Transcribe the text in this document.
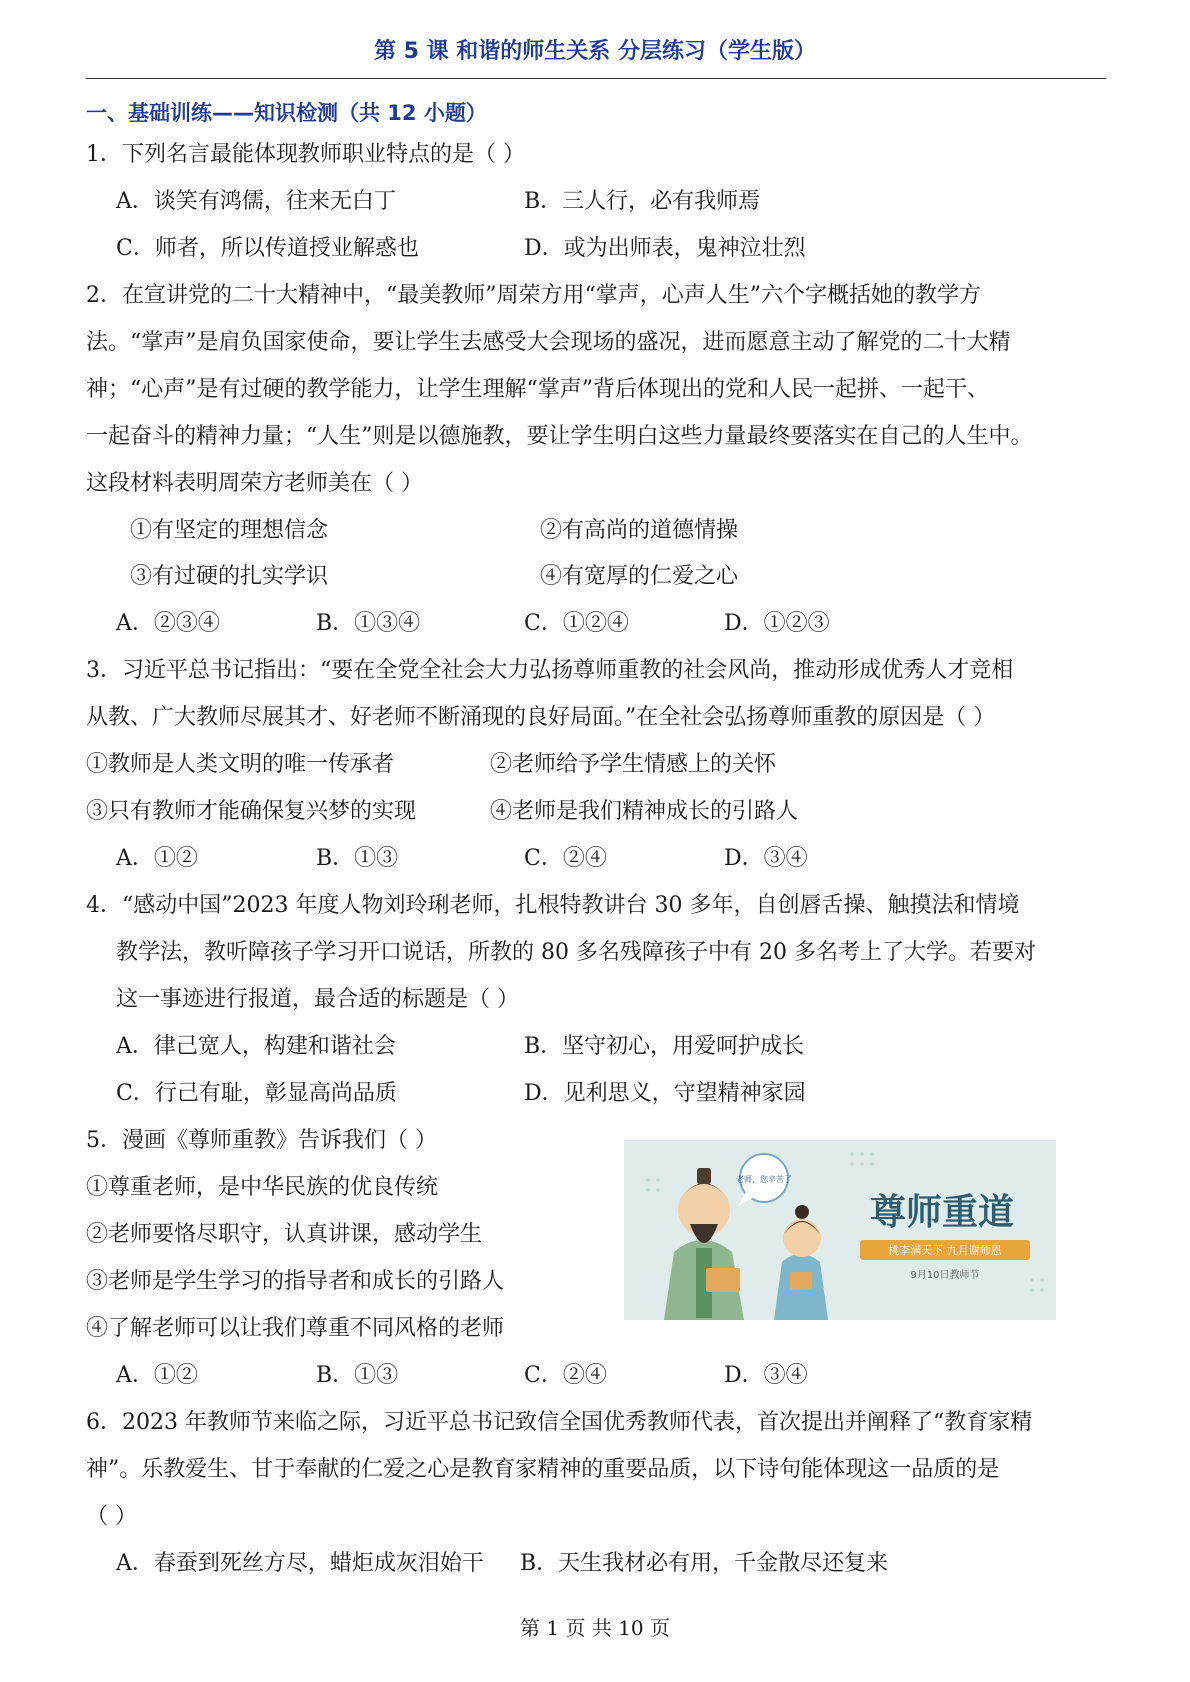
第 5 课 和谐的师生关系 分层练习（学生版）
一、基础训练——知识检测（共 12 小题）
1．下列名言最能体现教师职业特点的是（ ）
A．谈笑有鸿儒，往来无白丁	B．三人行，必有我师焉
C．师者，所以传道授业解惑也	D．或为出师表，鬼神泣壮烈
2．在宣讲党的二十大精神中，“最美教师”周荣方用“掌声，心声人生”六个字概括她的教学方
法。“掌声”是肩负国家使命，要让学生去感受大会现场的盛况，进而愿意主动了解党的二十大精
神；“心声”是有过硬的教学能力，让学生理解“掌声”背后体现出的党和人民一起拼、一起干、
一起奋斗的精神力量；“人生”则是以德施教，要让学生明白这些力量最终要落实在自己的人生中。
这段材料表明周荣方老师美在（ ）
①有坚定的理想信念	②有高尚的道德情操
③有过硬的扎实学识	④有宽厚的仁爱之心
A．②③④	B．①③④	C．①②④	D．①②③
3．习近平总书记指出：“要在全党全社会大力弘扬尊师重教的社会风尚，推动形成优秀人才竞相
从教、广大教师尽展其才、好老师不断涌现的良好局面。”在全社会弘扬尊师重教的原因是（ ）
①教师是人类文明的唯一传承者	②老师给予学生情感上的关怀
③只有教师才能确保复兴梦的实现	④老师是我们精神成长的引路人
A．①②	B．①③	C．②④	D．③④
4．“感动中国”2023 年度人物刘玲琍老师，扎根特教讲台 30 多年，自创唇舌操、触摸法和情境
教学法，教听障孩子学习开口说话，所教的 80 多名残障孩子中有 20 多名考上了大学。若要对
这一事迹进行报道，最合适的标题是（ ）
A．律己宽人，构建和谐社会	B．坚守初心，用爱呵护成长
C．行己有耻，彰显高尚品质	D．见利思义，守望精神家园
5．漫画《尊师重教》告诉我们（ ）
①尊重老师，是中华民族的优良传统
②老师要恪尽职守，认真讲课，感动学生
③老师是学生学习的指导者和成长的引路人
④了解老师可以让我们尊重不同风格的老师
A．①②	B．①③	C．②④	D．③④
老师，您辛苦了
尊师重道
桃李满天下 九月谢师恩
9月10日教师节
6．2023 年教师节来临之际，习近平总书记致信全国优秀教师代表，首次提出并阐释了“教育家精
神”。乐教爱生、甘于奉献的仁爱之心是教育家精神的重要品质，以下诗句能体现这一品质的是
（ ）
A．春蚕到死丝方尽，蜡炬成灰泪始干 B．天生我材必有用，千金散尽还复来
第 1 页 共 10 页
